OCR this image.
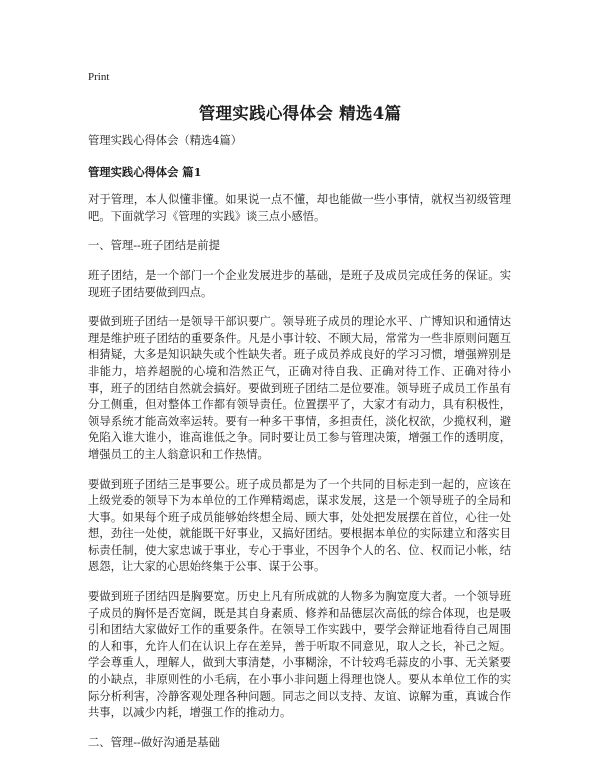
Print
管理实践心得体会 精选4篇

管理实践心得体会（精选4篇）

管理实践心得体会 篇1

对于管理，本人似懂非懂。如果说一点不懂，却也能做一些小事情，就权当初级管理吧。下面就学习《管理的实践》谈三点小感悟。

一、管理--班子团结是前提

班子团结，是一个部门一个企业发展进步的基础，是班子及成员完成任务的保证。实现班子团结要做到四点。

要做到班子团结一是领导干部识要广。领导班子成员的理论水平、广博知识和通情达理是维护班子团结的重要条件。凡是小事计较、不顾大局，常常为一些非原则问题互相猜疑，大多是知识缺失或个性缺失者。班子成员养成良好的学习习惯，增强辨别是非能力，培养超脱的心境和浩然正气，正确对待自我、正确对待工作、正确对待小事，班子的团结自然就会搞好。要做到班子团结二是位要准。领导班子成员工作虽有分工侧重，但对整体工作都有领导责任。位置摆平了，大家才有动力，具有积极性，领导系统才能高效率运转。要有一种多干事情，多担责任，淡化权欲，少揽权利，避免陷入谁大谁小，谁高谁低之争。同时要让员工参与管理决策，增强工作的透明度，增强员工的主人翁意识和工作热情。

要做到班子团结三是事要公。班子成员都是为了一个共同的目标走到一起的，应该在上级党委的领导下为本单位的工作殚精竭虑，谋求发展，这是一个领导班子的全局和大事。如果每个班子成员能够始终想全局、顾大事，处处把发展摆在首位，心往一处想，劲往一处使，就能既干好事业，又搞好团结。要根据本单位的实际建立和落实目标责任制，使大家忠诚于事业，专心于事业，不因争个人的名、位、权而记小帐，结恩怨，让大家的心思始终集于公事、谋于公事。

要做到班子团结四是胸要宽。历史上凡有所成就的人物多为胸宽度大者。一个领导班子成员的胸怀是否宽阔，既是其自身素质、修养和品德层次高低的综合体现，也是吸引和团结大家做好工作的重要条件。在领导工作实践中，要学会辩证地看待自己周围的人和事，允许人们在认识上存在差异，善于听取不同意见，取人之长，补己之短。学会尊重人，理解人，做到大事清楚，小事糊涂，不计较鸡毛蒜皮的小事、无关紧要的小缺点，非原则性的小毛病，在小事小非问题上得理也饶人。要从本单位工作的实际分析利害，冷静客观处理各种问题。同志之间以支持、友谊、谅解为重，真诚合作共事，以减少内耗，增强工作的推动力。

二、管理--做好沟通是基础
